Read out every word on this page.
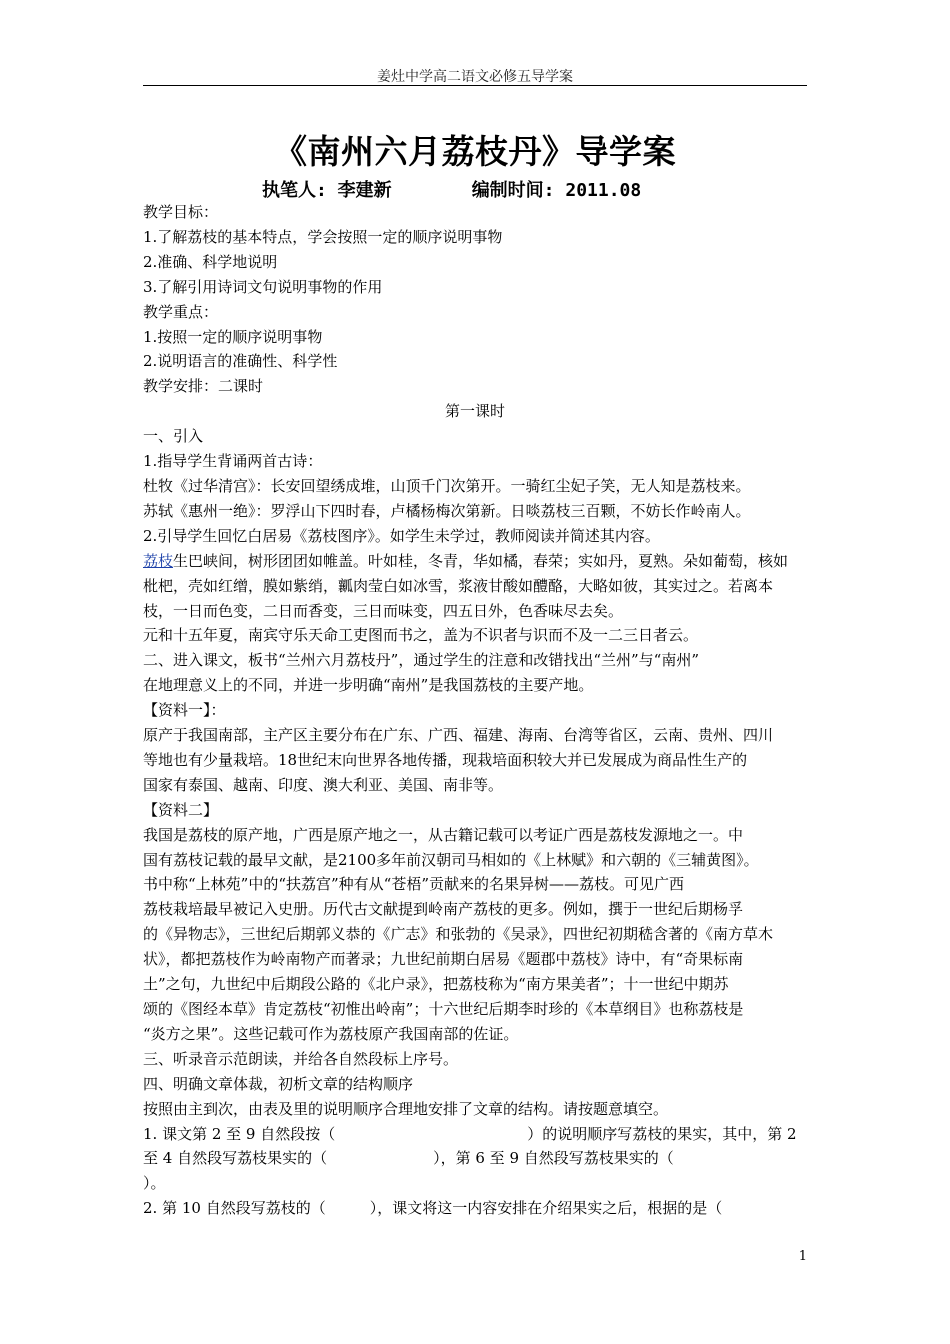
姜灶中学高二语文必修五导学案
《南州六月荔枝丹》导学案
执笔人: 李建新	编制时间: 2011.08
教学目标：
1.了解荔枝的基本特点，学会按照一定的顺序说明事物
2.准确、科学地说明
3.了解引用诗词文句说明事物的作用
教学重点：
1.按照一定的顺序说明事物
2.说明语言的准确性、科学性
教学安排：二课时
第一课时
一、引入
1.指导学生背诵两首古诗：
杜牧《过华清宫》：长安回望绣成堆，山顶千门次第开。一骑红尘妃子笑，无人知是荔枝来。
苏轼《惠州一绝》：罗浮山下四时春，卢橘杨梅次第新。日啖荔枝三百颗，不妨长作岭南人。
2.引导学生回忆白居易《荔枝图序》。如学生未学过，教师阅读并简述其内容。
荔枝生巴峡间，树形团团如帷盖。叶如桂，冬青，华如橘，春荣；实如丹，夏熟。朵如葡萄，核如
枇杷，壳如红缯，膜如紫绡，瓤肉莹白如冰雪，浆液甘酸如醴酪，大略如彼，其实过之。若离本
枝，一日而色变，二日而香变，三日而味变，四五日外，色香味尽去矣。
元和十五年夏，南宾守乐天命工吏图而书之，盖为不识者与识而不及一二三日者云。
二、进入课文，板书“兰州六月荔枝丹”，通过学生的注意和改错找出“兰州”与“南州”
在地理意义上的不同，并进一步明确“南州”是我国荔枝的主要产地。
【资料一】：
原产于我国南部，主产区主要分布在广东、广西、福建、海南、台湾等省区，云南、贵州、四川
等地也有少量栽培。18世纪末向世界各地传播，现栽培面积较大并已发展成为商品性生产的
国家有泰国、越南、印度、澳大利亚、美国、南非等。
【资料二】
我国是荔枝的原产地，广西是原产地之一，从古籍记载可以考证广西是荔枝发源地之一。中
国有荔枝记载的最早文献，是2100多年前汉朝司马相如的《上林赋》和六朝的《三辅黄图》。
书中称“上林苑”中的“扶荔宫”种有从“苍梧”贡献来的名果异树——荔枝。可见广西
荔枝栽培最早被记入史册。历代古文献提到岭南产荔枝的更多。例如，撰于一世纪后期杨孚
的《异物志》，三世纪后期郭义恭的《广志》和张勃的《吴录》，四世纪初期嵇含著的《南方草木
状》，都把荔枝作为岭南物产而著录；九世纪前期白居易《题郡中荔枝》诗中，有“奇果标南
土”之句，九世纪中后期段公路的《北户录》，把荔枝称为“南方果美者”；十一世纪中期苏
颂的《图经本草》肯定荔枝“初惟出岭南”；十六世纪后期李时珍的《本草纲目》也称荔枝是
“炎方之果”。这些记载可作为荔枝原产我国南部的佐证。
三、听录音示范朗读，并给各自然段标上序号。
四、明确文章体裁，初析文章的结构顺序
按照由主到次，由表及里的说明顺序合理地安排了文章的结构。请按题意填空。
1. 课文第 2 至 9 自然段按（	）的说明顺序写荔枝的果实，其中，第 2
至 4 自然段写荔枝果实的（	），第 6 至 9 自然段写荔枝果实的（
）。
2. 第 10 自然段写荔枝的（	），课文将这一内容安排在介绍果实之后，根据的是（
1
